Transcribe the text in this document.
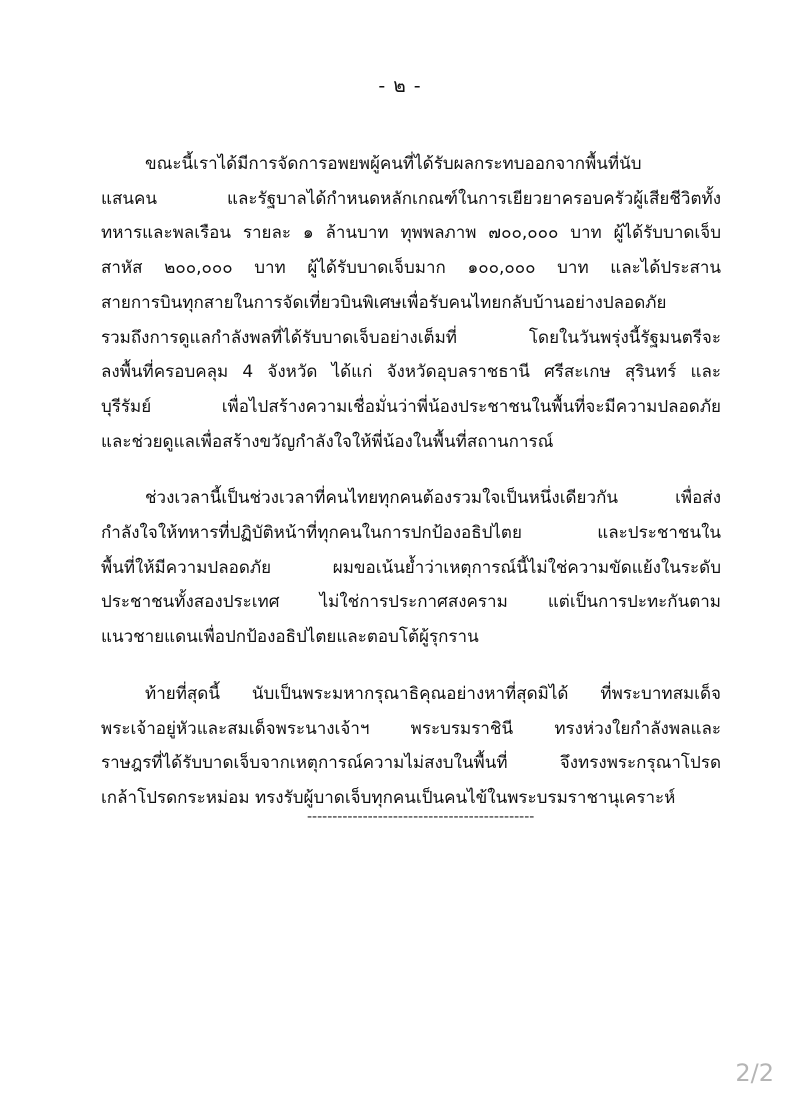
- ๒ -
ขณะนี้เราได้มีการจัดการอพยพผู้คนที่ได้รับผลกระทบออกจากพื้นที่นับ
แสนคน และรัฐบาลได้กำหนดหลักเกณฑ์ในการเยียวยาครอบครัวผู้เสียชีวิตทั้ง
ทหารและพลเรือน รายละ ๑ ล้านบาท ทุพพลภาพ ๗๐๐,๐๐๐ บาท ผู้ได้รับบาดเจ็บ
สาหัส ๒๐๐,๐๐๐ บาท ผู้ได้รับบาดเจ็บมาก ๑๐๐,๐๐๐ บาท และได้ประสาน
สายการบินทุกสายในการจัดเที่ยวบินพิเศษเพื่อรับคนไทยกลับบ้านอย่างปลอดภัย
รวมถึงการดูแลกำลังพลที่ได้รับบาดเจ็บอย่างเต็มที่ โดยในวันพรุ่งนี้รัฐมนตรีจะ
ลงพื้นที่ครอบคลุม 4 จังหวัด ได้แก่ จังหวัดอุบลราชธานี ศรีสะเกษ สุรินทร์ และ
บุรีรัมย์ เพื่อไปสร้างความเชื่อมั่นว่าพี่น้องประชาชนในพื้นที่จะมีความปลอดภัย
และช่วยดูแลเพื่อสร้างขวัญกำลังใจให้พี่น้องในพื้นที่สถานการณ์
ช่วงเวลานี้เป็นช่วงเวลาที่คนไทยทุกคนต้องรวมใจเป็นหนึ่งเดียวกัน เพื่อส่ง
กำลังใจให้ทหารที่ปฏิบัติหน้าที่ทุกคนในการปกป้องอธิปไตย และประชาชนใน
พื้นที่ให้มีความปลอดภัย ผมขอเน้นย้ำว่าเหตุการณ์นี้ไม่ใช่ความขัดแย้งในระดับ
ประชาชนทั้งสองประเทศ ไม่ใช่การประกาศสงคราม แต่เป็นการปะทะกันตาม
แนวชายแดนเพื่อปกป้องอธิปไตยและตอบโต้ผู้รุกราน
ท้ายที่สุดนี้ นับเป็นพระมหากรุณาธิคุณอย่างหาที่สุดมิได้ ที่พระบาทสมเด็จ
พระเจ้าอยู่หัวและสมเด็จพระนางเจ้าฯ พระบรมราชินี ทรงห่วงใยกำลังพลและ
ราษฎรที่ได้รับบาดเจ็บจากเหตุการณ์ความไม่สงบในพื้นที่ จึงทรงพระกรุณาโปรด
เกล้าโปรดกระหม่อม ทรงรับผู้บาดเจ็บทุกคนเป็นคนไข้ในพระบรมราชานุเคราะห์
---------------------------------------------
2/2
